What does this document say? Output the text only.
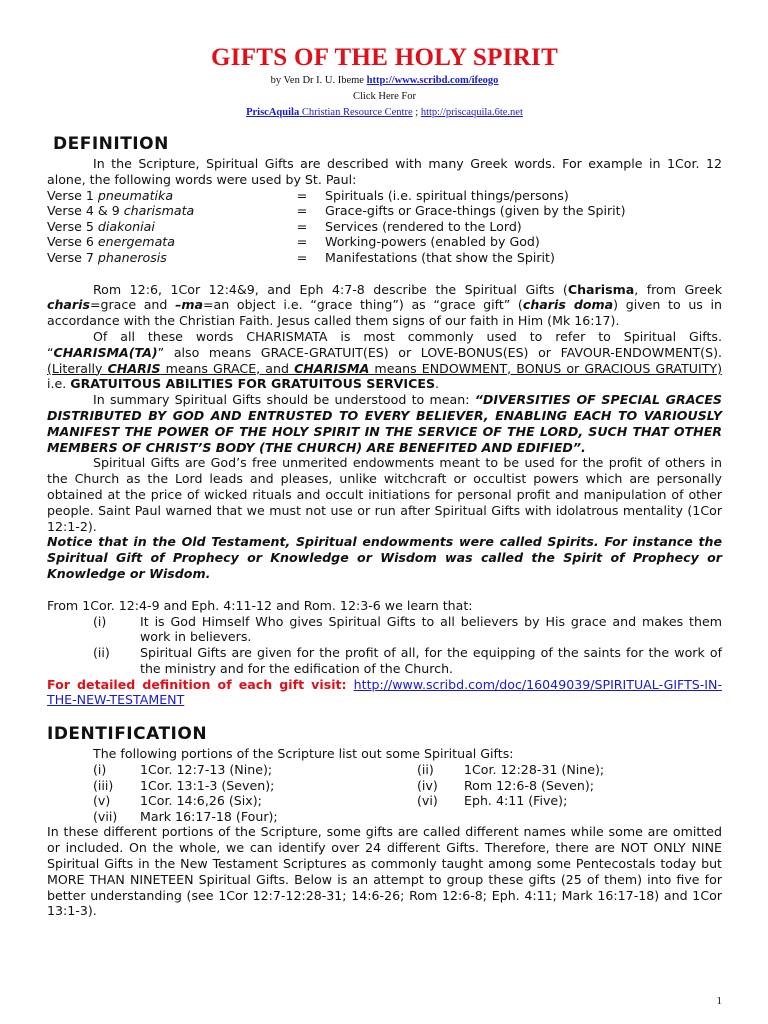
GIFTS OF THE HOLY SPIRIT
by Ven Dr I. U. Ibeme http://www.scribd.com/ifeogo
Click Here For
PriscAquila Christian Resource Centre ; http://priscaquila.6te.net
DEFINITION

In the Scripture, Spiritual Gifts are described with many Greek words. For example in 1Cor. 12 alone, the following words were used by St. Paul:

Verse 1 pneumatika	=	Spirituals (i.e. spiritual things/persons)
Verse 4 & 9 charismata	=	Grace-gifts or Grace-things (given by the Spirit)
Verse 5 diakoniai	=	Services (rendered to the Lord)
Verse 6 energemata	=	Working-powers (enabled by God)
Verse 7 phanerosis	=	Manifestations (that show the Spirit)

Rom 12:6, 1Cor 12:4&9, and Eph 4:7-8 describe the Spiritual Gifts (Charisma, from Greek charis=grace and –ma=an object i.e. “grace thing”) as “grace gift” (charis doma) given to us in accordance with the Christian Faith. Jesus called them signs of our faith in Him (Mk 16:17).

Of all these words CHARISMATA is most commonly used to refer to Spiritual Gifts. “CHARISMA(TA)” also means GRACE-GRATUIT(ES) or LOVE-BONUS(ES) or FAVOUR-ENDOWMENT(S). (Literally CHARIS means GRACE, and CHARISMA means ENDOWMENT, BONUS or GRACIOUS GRATUITY) i.e. GRATUITOUS ABILITIES FOR GRATUITOUS SERVICES.

In summary Spiritual Gifts should be understood to mean: “DIVERSITIES OF SPECIAL GRACES DISTRIBUTED BY GOD AND ENTRUSTED TO EVERY BELIEVER, ENABLING EACH TO VARIOUSLY MANIFEST THE POWER OF THE HOLY SPIRIT IN THE SERVICE OF THE LORD, SUCH THAT OTHER MEMBERS OF CHRIST’S BODY (THE CHURCH) ARE BENEFITED AND EDIFIED”.

Spiritual Gifts are God’s free unmerited endowments meant to be used for the profit of others in the Church as the Lord leads and pleases, unlike witchcraft or occultist powers which are personally obtained at the price of wicked rituals and occult initiations for personal profit and manipulation of other people. Saint Paul warned that we must not use or run after Spiritual Gifts with idolatrous mentality (1Cor 12:1-2).

Notice that in the Old Testament, Spiritual endowments were called Spirits. For instance the Spiritual Gift of Prophecy or Knowledge or Wisdom was called the Spirit of Prophecy or Knowledge or Wisdom.

From 1Cor. 12:4-9 and Eph. 4:11-12 and Rom. 12:3-6 we learn that:

(i)	It is God Himself Who gives Spiritual Gifts to all believers by His grace and makes them work in believers.
(ii)	Spiritual Gifts are given for the profit of all, for the equipping of the saints for the work of the ministry and for the edification of the Church.

For detailed definition of each gift visit: http://www.scribd.com/doc/16049039/SPIRITUAL-GIFTS-IN-THE-NEW-TESTAMENT

IDENTIFICATION

The following portions of the Scripture list out some Spiritual Gifts:

(i)	1Cor. 12:7-13 (Nine);	(ii)	1Cor. 12:28-31 (Nine);
(iii)	1Cor. 13:1-3 (Seven);	(iv)	Rom 12:6-8 (Seven);
(v)	1Cor. 14:6,26 (Six);	(vi)	Eph. 4:11 (Five);
(vii)	Mark 16:17-18 (Four);

In these different portions of the Scripture, some gifts are called different names while some are omitted or included. On the whole, we can identify over 24 different Gifts. Therefore, there are NOT ONLY NINE Spiritual Gifts in the New Testament Scriptures as commonly taught among some Pentecostals today but MORE THAN NINETEEN Spiritual Gifts. Below is an attempt to group these gifts (25 of them) into five for better understanding (see 1Cor 12:7-12:28-31; 14:6-26; Rom 12:6-8; Eph. 4:11; Mark 16:17-18) and 1Cor 13:1-3).

1
